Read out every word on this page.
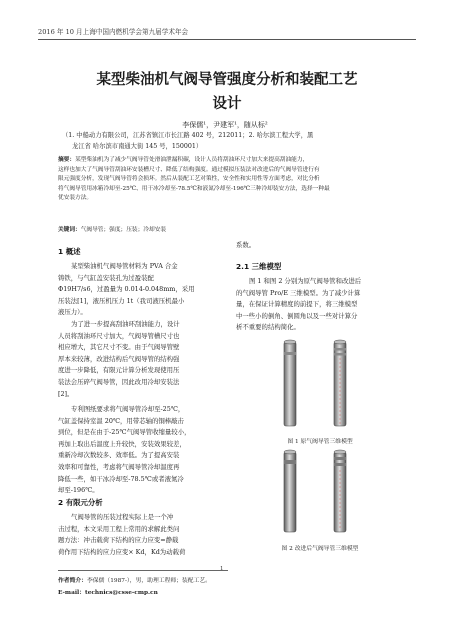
2016 年 10 月上海中国内燃机学会第九届学术年会
某型柴油机气阀导管强度分析和装配工艺
设计
李保儒¹，尹建军¹，随从标²
（1. 中船动力有限公司，江苏省镇江市长江路 402 号，212011；2. 哈尔滨工程大学，黑
龙江省 哈尔滨市南通大街 145 号，150001）
摘要：某型柴油机为了减少气阀导管处滑油泄漏积碳，设计人员将刮油环尺寸加大来提高刮油能力，
这样也加大了气阀导管刮油环安装槽尺寸、降低了结构强度。通过模拟压装法对改进后的气阀导管进行有
限元强度分析，发现气阀导管将会损坏。然后从装配工艺对策性，安全性和实用性等方面考虑，对比分析
将气阀导管用冰箱冷却至-25℃、用干冰冷却至-78.5℃和液氮冷却至-196℃三种冷却装安方法，选择一种最
优安装方法。
关键词：气阀导管；强度；压装；冷却安装
1 概述
某型柴油机气阀导管材料为 PVA 合金
铸铁，与气缸盖安装孔为过盈装配
Φ19H7/s6，过盈量为 0.014-0.048mm，采用
压装法[1]，液压机压力 1t（我司液压机最小
液压力）。
为了进一步提高刮油环刮油能力，设计
人员将刮油环尺寸加大，气阀导管槽尺寸也
相应增大，其它尺寸不变。由于气阀导管壁
厚本来较薄，改进结构后气阀导管的结构强
度进一步降低，有限元计算分析发现使用压
装法会压碎气阀导管，因此改用冷却安装法
[2]。
专利图纸要求将气阀导管冷却至-25℃，
气缸盖保持室温 20℃，用带芯轴的铜棒敲击
到位，但是在由于-25℃气阀导管收缩量较小，
再加上取出后温度上升较快，安装效果较差，
重新冷却次数较多、效率低。为了提高安装
效率和可靠性，考虑将气阀导管冷却温度再
降低一些，如干冰冷却至-78.5℃或者液氮冷
却至-196℃。
2 有限元分析
气阀导管的压装过程实际上是一个冲
击过程，本文采用工程上常用的求解此类问
题方法：冲击载荷下结构的应力应变=静载
荷作用下结构的应力应变× Kd，Kd为动载荷
系数。
2.1 三维模型
图 1 和图 2 分别为原气阀导管和改进后
的气阀导管 Pro/E 三维模型。为了减少计算
量，在保证计算精度的前提下，将三维模型
中一些小的倒角、倒圆角以及一些对计算分
析不重要的结构简化。
图 1 原气阀导管三维模型
图 2 改进后气阀导管三维模型
1
作者简介：李保儒（1987-），男，助理工程师；装配工艺。
E-mail：technics@csse-cmp.cn
